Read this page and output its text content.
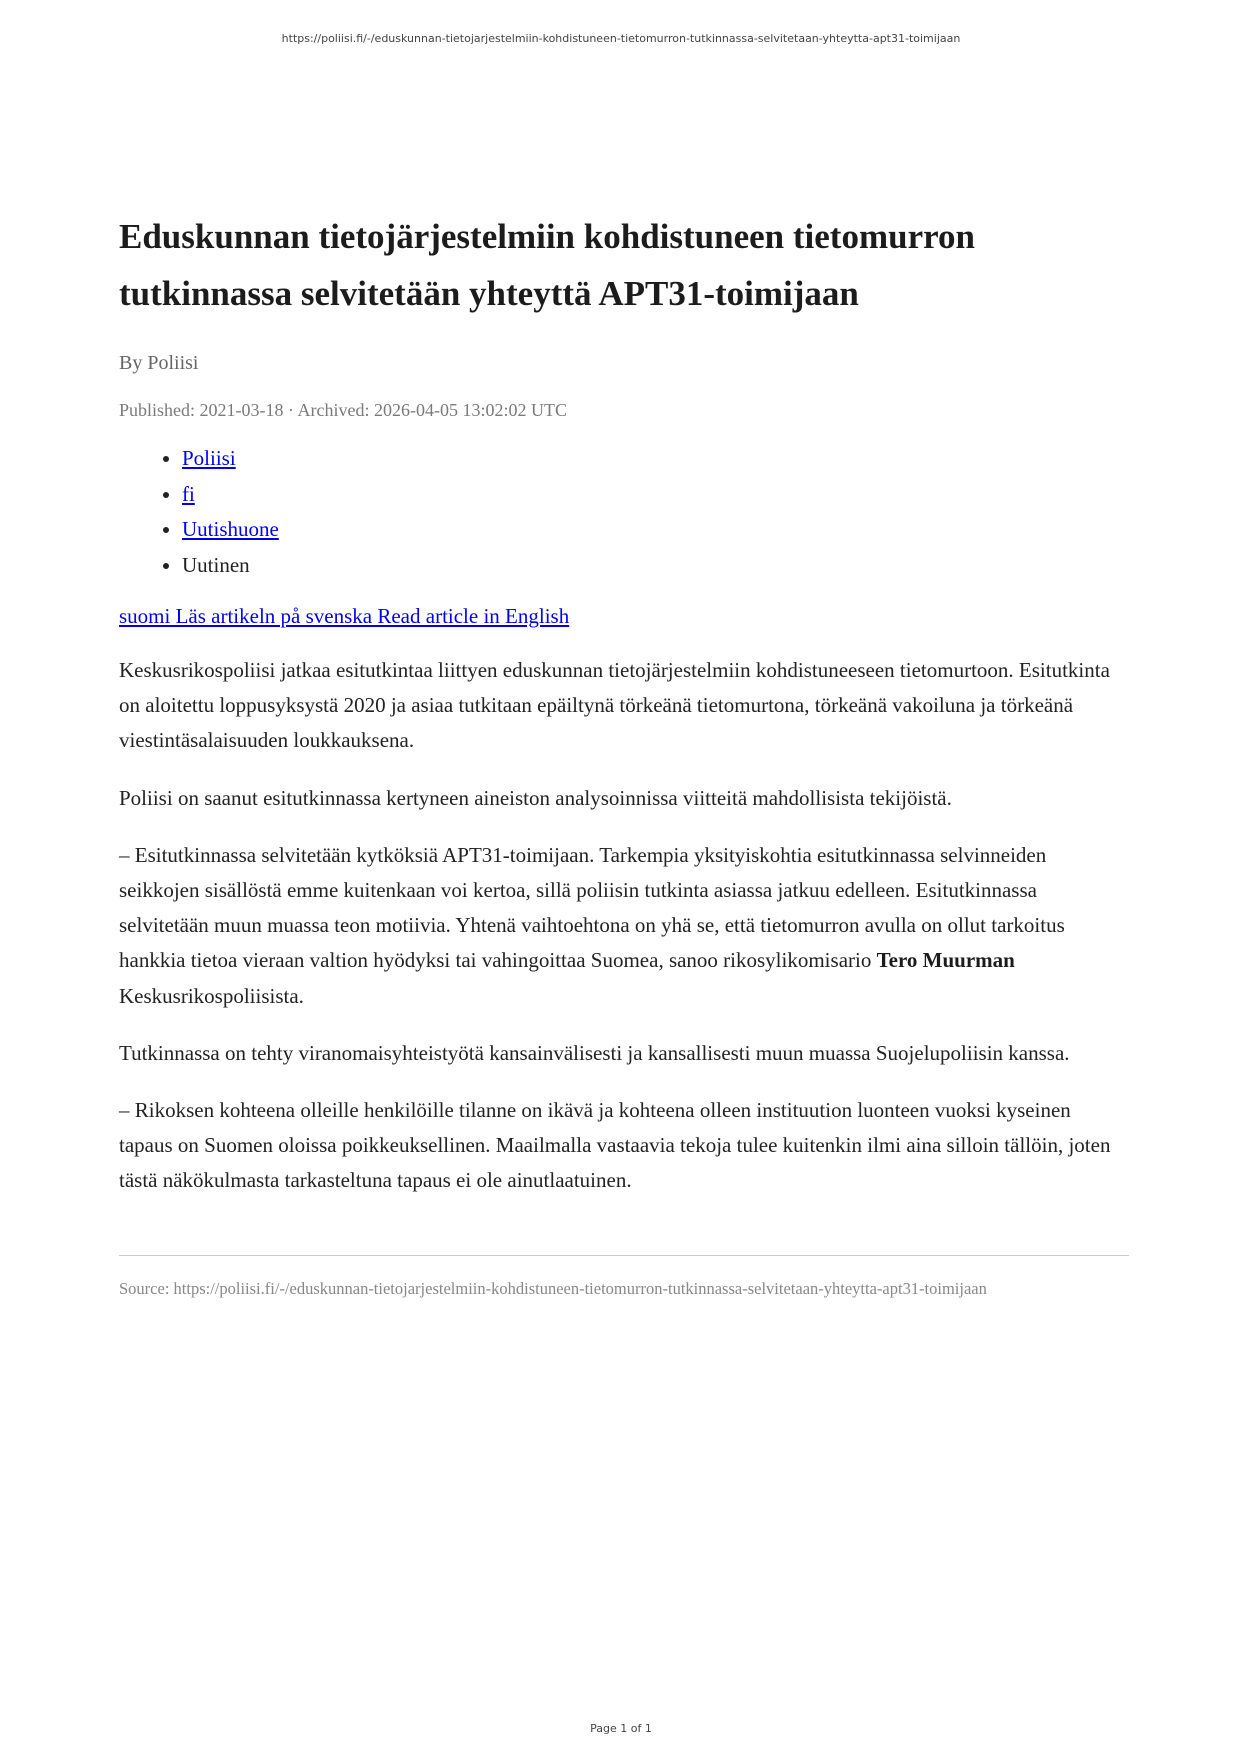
https://poliisi.fi/-/eduskunnan-tietojarjestelmiin-kohdistuneen-tietomurron-tutkinnassa-selvitetaan-yhteytta-apt31-toimijaan
Eduskunnan tietojärjestelmiin kohdistuneen tietomurron tutkinnassa selvitetään yhteyttä APT31-toimijaan
By Poliisi
Published: 2021-03-18 · Archived: 2026-04-05 13:02:02 UTC
• Poliisi
• fi
• Uutishuone
• Uutinen
suomi Läs artikeln på svenska Read article in English

Keskusrikospoliisi jatkaa esitutkintaa liittyen eduskunnan tietojärjestelmiin kohdistuneeseen tietomurtoon. Esitutkinta on aloitettu loppusyksystä 2020 ja asiaa tutkitaan epäiltynä törkeänä tietomurtona, törkeänä vakoiluna ja törkeänä viestintäsalaisuuden loukkauksena.

Poliisi on saanut esitutkinnassa kertyneen aineiston analysoinnissa viitteitä mahdollisista tekijöistä.

– Esitutkinnassa selvitetään kytköksiä APT31-toimijaan. Tarkempia yksityiskohtia esitutkinnassa selvinneiden seikkojen sisällöstä emme kuitenkaan voi kertoa, sillä poliisin tutkinta asiassa jatkuu edelleen. Esitutkinnassa selvitetään muun muassa teon motiivia. Yhtenä vaihtoehtona on yhä se, että tietomurron avulla on ollut tarkoitus hankkia tietoa vieraan valtion hyödyksi tai vahingoittaa Suomea, sanoo rikosylikomisario Tero Muurman Keskusrikospoliisista.

Tutkinnassa on tehty viranomaisyhteistyötä kansainvälisesti ja kansallisesti muun muassa Suojelupoliisin kanssa.

– Rikoksen kohteena olleille henkilöille tilanne on ikävä ja kohteena olleen instituution luonteen vuoksi kyseinen tapaus on Suomen oloissa poikkeuksellinen. Maailmalla vastaavia tekoja tulee kuitenkin ilmi aina silloin tällöin, joten tästä näkökulmasta tarkasteltuna tapaus ei ole ainutlaatuinen.

Source: https://poliisi.fi/-/eduskunnan-tietojarjestelmiin-kohdistuneen-tietomurron-tutkinnassa-selvitetaan-yhteytta-apt31-toimijaan
Page 1 of 1
